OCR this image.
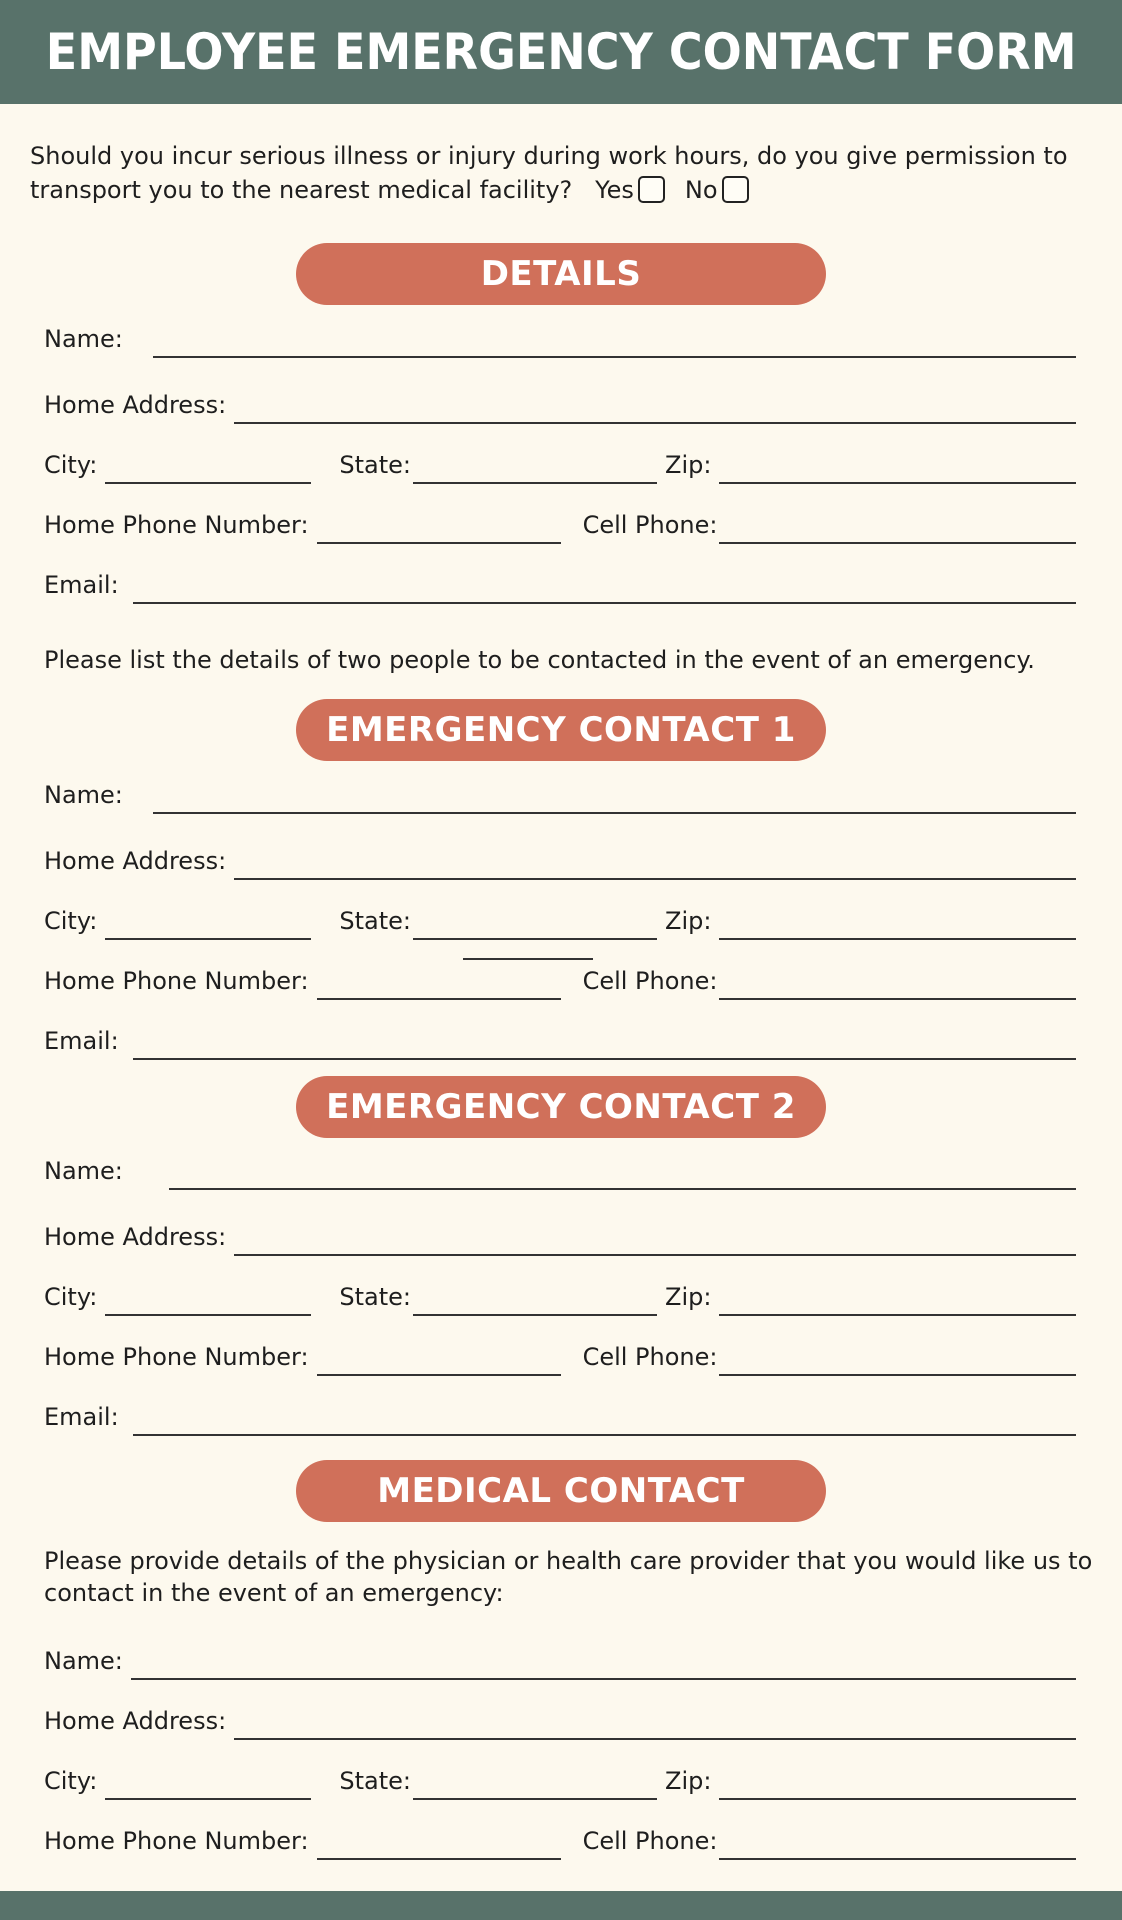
EMPLOYEE EMERGENCY CONTACT FORM
Should you incur serious illness or injury during work hours, do you give permission to transport you to the nearest medical facility? Yes No
DETAILS
Name:
Home Address:
City:	State:	Zip:
Home Phone Number:	Cell Phone:
Email:
Please list the details of two people to be contacted in the event of an emergency.
EMERGENCY CONTACT 1
Name:
Home Address:
City:	State:	Zip:
Home Phone Number:	Cell Phone:
Email:
EMERGENCY CONTACT 2
Name:
Home Address:
City:	State:	Zip:
Home Phone Number:	Cell Phone:
Email:
MEDICAL CONTACT
Please provide details of the physician or health care provider that you would like us to contact in the event of an emergency:
Name:
Home Address:
City:	State:	Zip:
Home Phone Number:	Cell Phone:
